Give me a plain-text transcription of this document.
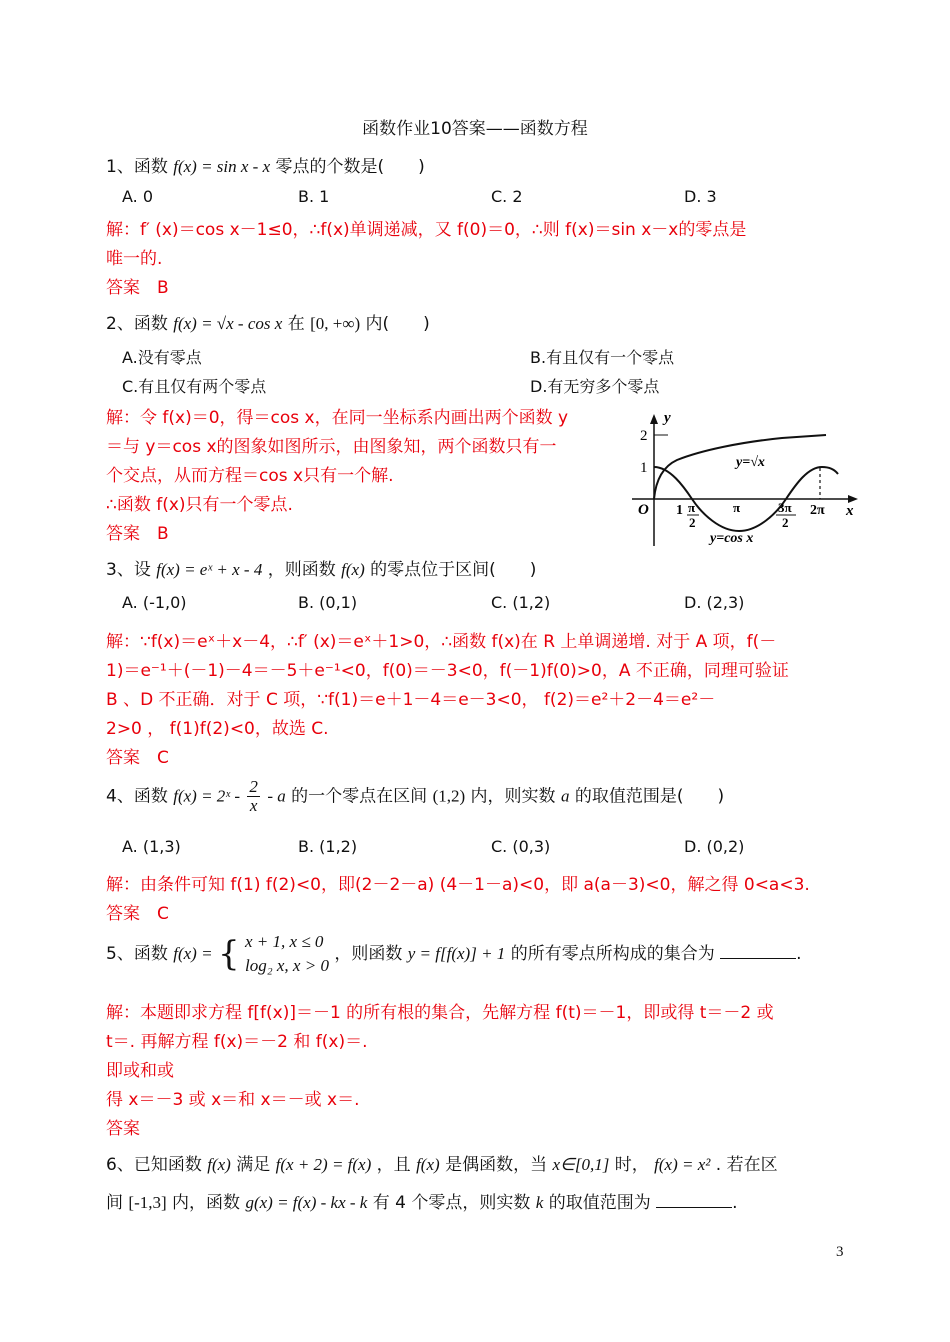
函数作业10答案——函数方程
1、函数 f(x) = sin x - x 零点的个数是(　　)
A. 0	B. 1	C. 2	D. 3
解：f′ (x)＝cos x－1≤0，∴f(x)单调递减，又 f(0)＝0，∴则 f(x)＝sin x－x的零点是
唯一的.
答案　B
2、函数 f(x) = √x - cos x 在 [0, +∞) 内(　　)
A.没有零点	B.有且仅有一个零点
C.有且仅有两个零点	D.有无穷多个零点
解：令 f(x)＝0，得＝cos x，在同一坐标系内画出两个函数 y
＝与 y＝cos x的图象如图所示，由图象知，两个函数只有一
个交点，从而方程＝cos x只有一个解.
∴函数 f(x)只有一个零点.
答案　B
2
1
y
x
O
y=√x
y=cos x
1 π
2
π	3π
2
2π
3、设 f(x) = eˣ + x - 4 ，则函数 f(x) 的零点位于区间(　　)
A. (-1,0)	B. (0,1)	C. (1,2)	D. (2,3)
解：∵f(x)＝eˣ＋x－4，∴f′ (x)＝eˣ＋1>0，∴函数 f(x)在 R 上单调递增. 对于 A 项，f(－
1)＝e⁻¹＋(－1)－4＝－5＋e⁻¹<0，f(0)＝－3<0，f(－1)f(0)>0，A 不正确，同理可验证
B 、D 不正确．对于 C 项，∵f(1)＝e＋1－4＝e－3<0， f(2)＝e²＋2－4＝e²－
2>0 ， f(1)f(2)<0，故选 C.
答案　C
4、函数 f(x) = 2ˣ - $\frac{2}{x}$ - a 的一个零点在区间 (1,2) 内，则实数 a 的取值范围是(　　)
A. (1,3)	B. (1,2)	C. (0,3)	D. (0,2)
解：由条件可知 f(1) f(2)<0，即(2－2－a) (4－1－a)<0，即 a(a－3)<0，解之得 0<a<3.
答案　C
5、函数 f(x) = { x + 1, x ≤ 0
log₂ x, x > 0
，则函数 y = f[f(x)] + 1 的所有零点所构成的集合为	.
解：本题即求方程 f[f(x)]＝－1 的所有根的集合，先解方程 f(t)＝－1，即或得 t＝－2 或
t＝. 再解方程 f(x)＝－2 和 f(x)＝.
即或和或
得 x＝－3 或 x＝和 x＝－或 x＝.
答案
6、已知函数 f(x) 满足 f(x + 2) = f(x) ，且 f(x) 是偶函数，当 x∈[0,1] 时， f(x) = x² . 若在区
间 [-1,3] 内，函数 g(x) = f(x) - kx - k 有 4 个零点，则实数 k 的取值范围为	.
3
